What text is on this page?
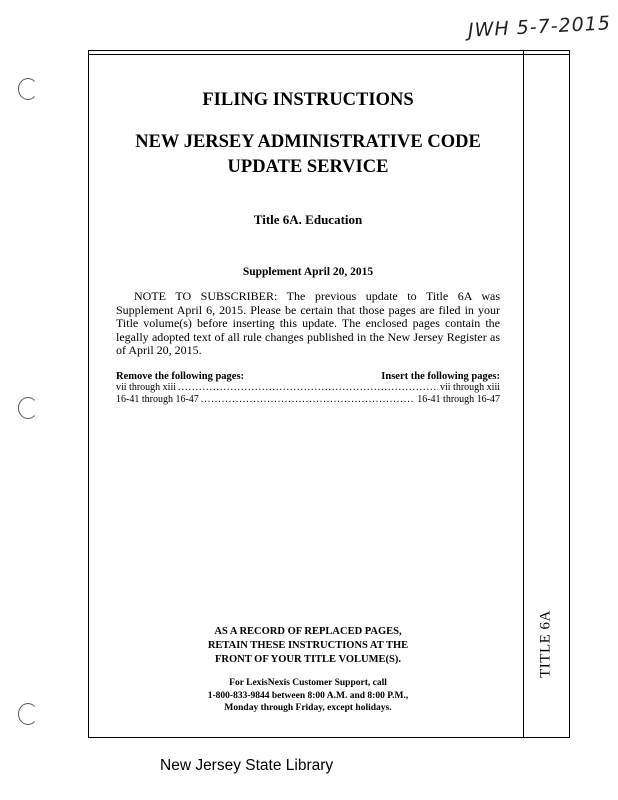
JWH 5-7-2015
TITLE 6A
FILING INSTRUCTIONS
NEW JERSEY ADMINISTRATIVE CODE
UPDATE SERVICE
Title 6A. Education
Supplement April 20, 2015
NOTE TO SUBSCRIBER: The previous update to Title 6A was Supplement April 6, 2015. Please be certain that those pages are filed in your Title volume(s) before inserting this update. The enclosed pages contain the legally adopted text of all rule changes published in the New Jersey Register as of April 20, 2015.
Remove the following pages:	Insert the following pages:
vii through xiii .....	vii through xiii
16-41 through 16-47 .....	16-41 through 16-47
AS A RECORD OF REPLACED PAGES,
RETAIN THESE INSTRUCTIONS AT THE
FRONT OF YOUR TITLE VOLUME(S).
For LexisNexis Customer Support, call
1-800-833-9844 between 8:00 A.M. and 8:00 P.M.,
Monday through Friday, except holidays.
New Jersey State Library
